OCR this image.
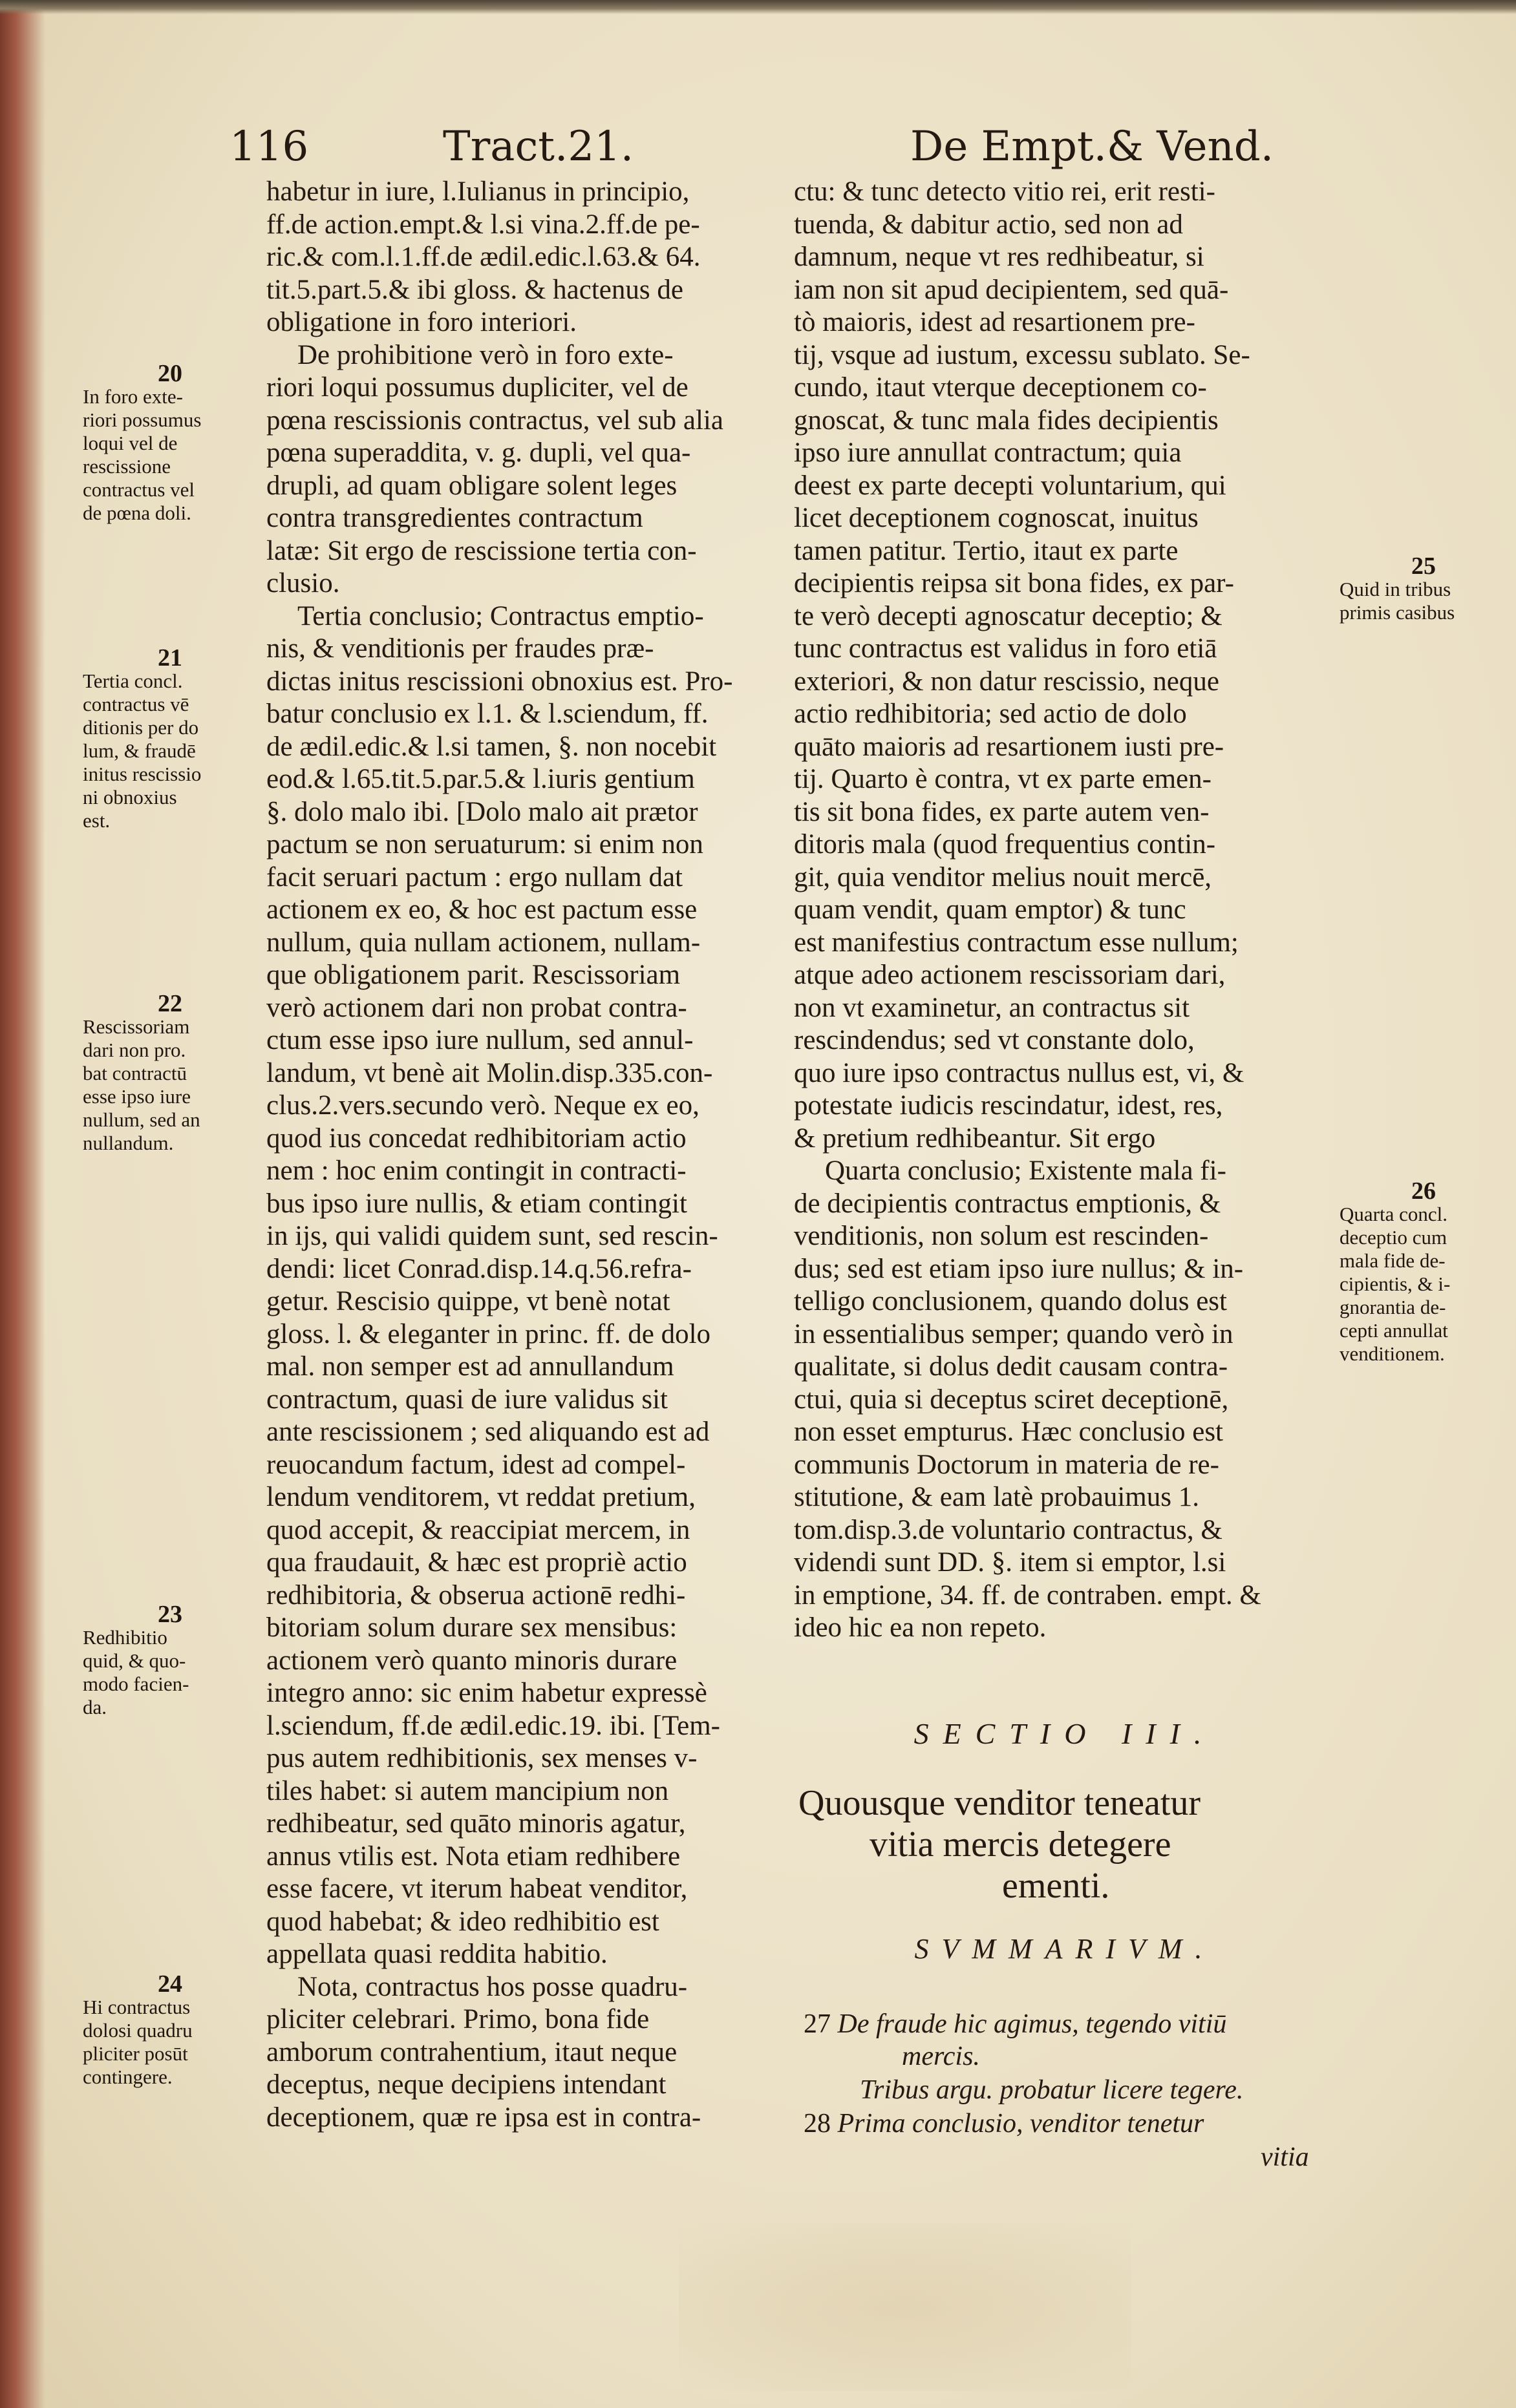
116	Tract.21.	De Empt.& Vend.
20
In foro exte-
riori possumus
loqui vel de
rescissione
contractus vel
de pœna doli.
21
Tertia concl.
contractus vē
ditionis per do
lum, & fraudē
initus rescissio
ni obnoxius
est.
22
Rescissoriam
dari non pro.
bat contractū
esse ipso iure
nullum, sed an
nullandum.
23
Redhibitio
quid, & quo-
modo facien-
da.
24
Hi contractus
dolosi quadru
pliciter posūt
contingere.
25
Quid in tribus
primis casibus
26
Quarta concl.
deceptio cum
mala fide de-
cipientis, & i-
gnorantia de-
cepti annullat
venditionem.
habetur in iure, l.Iulianus in principio,
ff.de action.empt.& l.si vina.2.ff.de pe-
ric.& com.l.1.ff.de ædil.edic.l.63.& 64.
tit.5.part.5.& ibi gloss. & hactenus de
obligatione in foro interiori.
De prohibitione verò in foro exte-
riori loqui possumus dupliciter, vel de
pœna rescissionis contractus, vel sub alia
pœna superaddita, v. g. dupli, vel qua-
drupli, ad quam obligare solent leges
contra transgredientes contractum
latæ: Sit ergo de rescissione tertia con-
clusio.
Tertia conclusio; Contractus emptio-
nis, & venditionis per fraudes præ-
dictas initus rescissioni obnoxius est. Pro-
batur conclusio ex l.1. & l.sciendum, ff.
de ædil.edic.& l.si tamen, §. non nocebit
eod.& l.65.tit.5.par.5.& l.iuris gentium
§. dolo malo ibi. [Dolo malo ait prætor
pactum se non seruaturum: si enim non
facit seruari pactum : ergo nullam dat
actionem ex eo, & hoc est pactum esse
nullum, quia nullam actionem, nullam-
que obligationem parit. Rescissoriam
verò actionem dari non probat contra-
ctum esse ipso iure nullum, sed annul-
landum, vt benè ait Molin.disp.335.con-
clus.2.vers.secundo verò. Neque ex eo,
quod ius concedat redhibitoriam actio
nem : hoc enim contingit in contracti-
bus ipso iure nullis, & etiam contingit
in ijs, qui validi quidem sunt, sed rescin-
dendi: licet Conrad.disp.14.q.56.refra-
getur. Rescisio quippe, vt benè notat
gloss. l. & eleganter in princ. ff. de dolo
mal. non semper est ad annullandum
contractum, quasi de iure validus sit
ante rescissionem ; sed aliquando est ad
reuocandum factum, idest ad compel-
lendum venditorem, vt reddat pretium,
quod accepit, & reaccipiat mercem, in
qua fraudauit, & hæc est propriè actio
redhibitoria, & obserua actionē redhi-
bitoriam solum durare sex mensibus:
actionem verò quanto minoris durare
integro anno: sic enim habetur expressè
l.sciendum, ff.de ædil.edic.19. ibi. [Tem-
pus autem redhibitionis, sex menses v-
tiles habet: si autem mancipium non
redhibeatur, sed quāto minoris agatur,
annus vtilis est. Nota etiam redhibere
esse facere, vt iterum habeat venditor,
quod habebat; & ideo redhibitio est
appellata quasi reddita habitio.
Nota, contractus hos posse quadru-
pliciter celebrari. Primo, bona fide
amborum contrahentium, itaut neque
deceptus, neque decipiens intendant
deceptionem, quæ re ipsa est in contra-
ctu: & tunc detecto vitio rei, erit resti-
tuenda, & dabitur actio, sed non ad
damnum, neque vt res redhibeatur, si
iam non sit apud decipientem, sed quā-
tò maioris, idest ad resartionem pre-
tij, vsque ad iustum, excessu sublato. Se-
cundo, itaut vterque deceptionem co-
gnoscat, & tunc mala fides decipientis
ipso iure annullat contractum; quia
deest ex parte decepti voluntarium, qui
licet deceptionem cognoscat, inuitus
tamen patitur. Tertio, itaut ex parte
decipientis reipsa sit bona fides, ex par-
te verò decepti agnoscatur deceptio; &
tunc contractus est validus in foro etiā
exteriori, & non datur rescissio, neque
actio redhibitoria; sed actio de dolo
quāto maioris ad resartionem iusti pre-
tij. Quarto è contra, vt ex parte emen-
tis sit bona fides, ex parte autem ven-
ditoris mala (quod frequentius contin-
git, quia venditor melius nouit mercē,
quam vendit, quam emptor) & tunc
est manifestius contractum esse nullum;
atque adeo actionem rescissoriam dari,
non vt examinetur, an contractus sit
rescindendus; sed vt constante dolo,
quo iure ipso contractus nullus est, vi, &
potestate iudicis rescindatur, idest, res,
& pretium redhibeantur. Sit ergo
Quarta conclusio; Existente mala fi-
de decipientis contractus emptionis, &
venditionis, non solum est rescinden-
dus; sed est etiam ipso iure nullus; & in-
telligo conclusionem, quando dolus est
in essentialibus semper; quando verò in
qualitate, si dolus dedit causam contra-
ctui, quia si deceptus sciret deceptionē,
non esset empturus. Hæc conclusio est
communis Doctorum in materia de re-
stitutione, & eam latè probauimus 1.
tom.disp.3.de voluntario contractus, &
videndi sunt DD. §. item si emptor, l.si
in emptione, 34. ff. de contraben. empt. &
ideo hic ea non repeto.
SECTIO III.
Quousque venditor teneatur
vitia mercis detegere
ementi.
SVMMARIVM.
27 De fraude hic agimus, tegendo vitiū
mercis.
Tribus argu. probatur licere tegere.
28 Prima conclusio, venditor tenetur
vitia
